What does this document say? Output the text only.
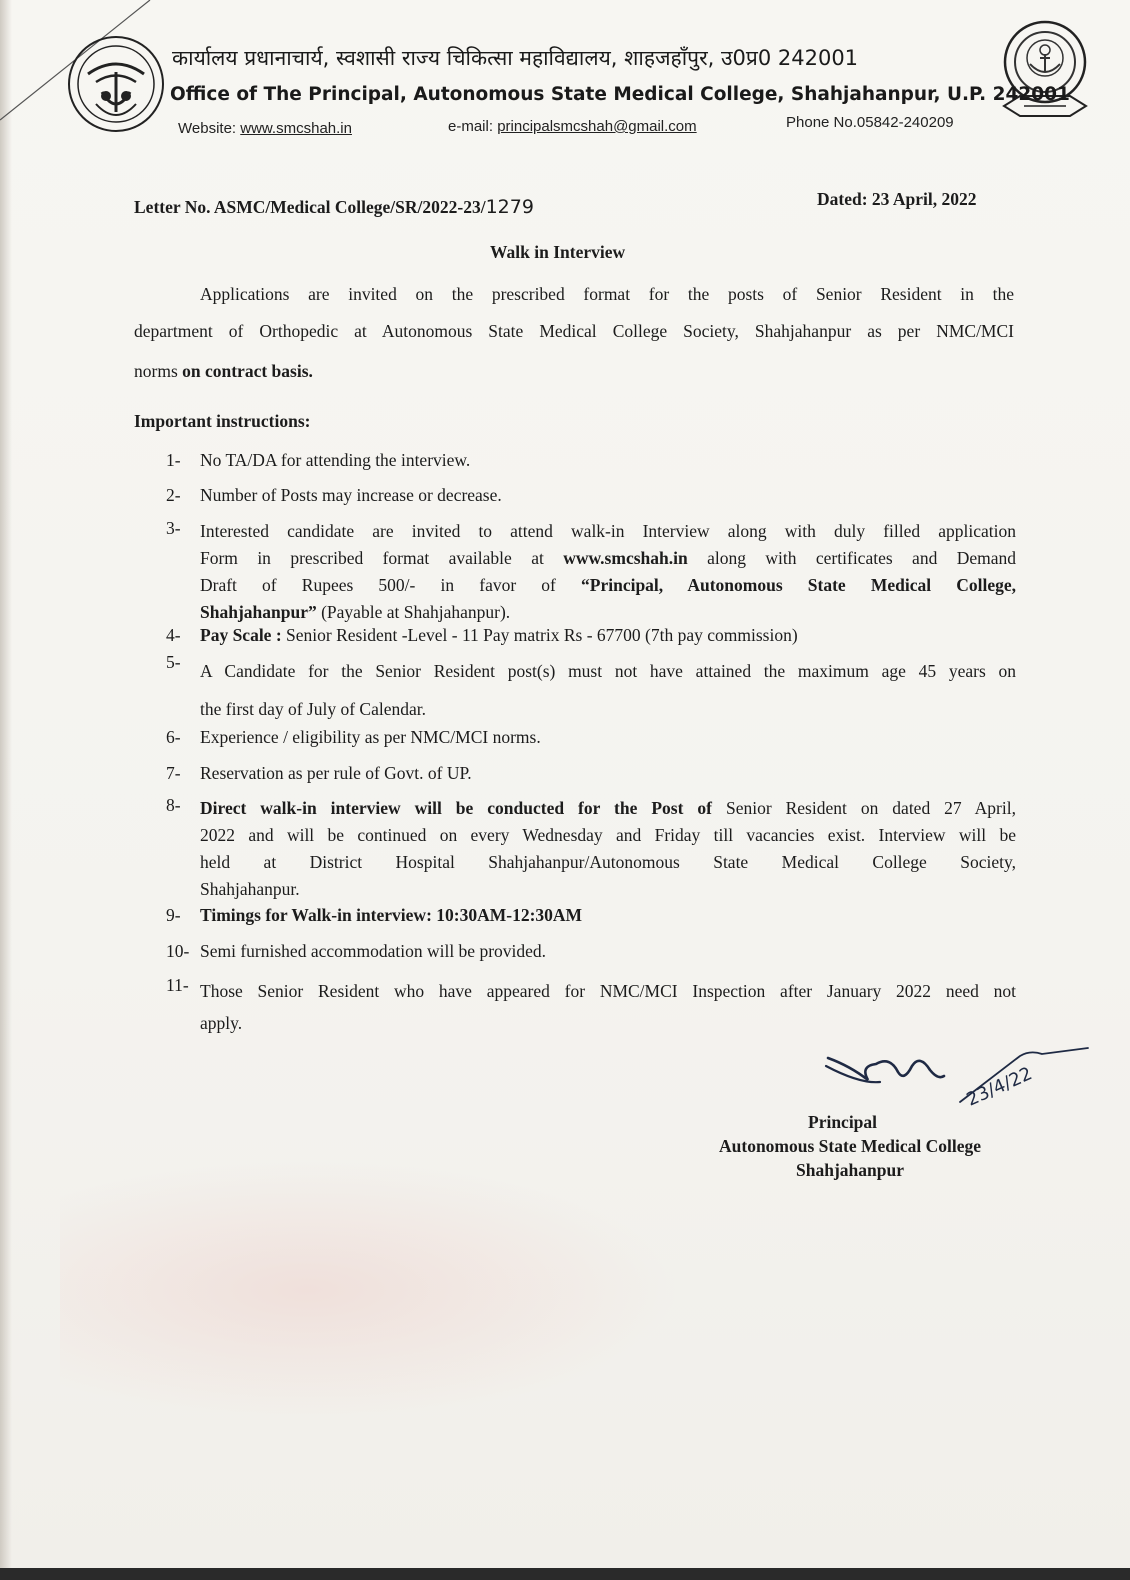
कार्यालय प्रधानाचार्य, स्वशासी राज्य चिकित्सा महाविद्यालय, शाहजहाँपुर, उ0प्र0 242001
Office of The Principal, Autonomous State Medical College, Shahjahanpur, U.P. 242001
Website: www.smcshah.in	e-mail: principalsmcshah@gmail.com	Phone No.05842-240209
Letter No. ASMC/Medical College/SR/2022-23/1279	Dated: 23 April, 2022
Walk in Interview
Applications are invited on the prescribed format for the posts of Senior Resident in the
department of Orthopedic at Autonomous State Medical College Society, Shahjahanpur as per NMC/MCI
norms on contract basis.
Important instructions:
1- No TA/DA for attending the interview.
2- Number of Posts may increase or decrease.
3- Interested candidate are invited to attend walk-in Interview along with duly filled application
Form in prescribed format available at www.smcshah.in along with certificates and Demand
Draft of Rupees 500/- in favor of “Principal, Autonomous State Medical College,
Shahjahanpur” (Payable at Shahjahanpur).
4- Pay Scale : Senior Resident -Level - 11 Pay matrix Rs - 67700 (7th pay commission)
5- A Candidate for the Senior Resident post(s) must not have attained the maximum age 45 years on
the first day of July of Calendar.
6- Experience / eligibility as per NMC/MCI norms.
7- Reservation as per rule of Govt. of UP.
8- Direct walk-in interview will be conducted for the Post of Senior Resident on dated 27 April,
2022 and will be continued on every Wednesday and Friday till vacancies exist. Interview will be
held at District Hospital Shahjahanpur/Autonomous State Medical College Society,
Shahjahanpur.
9- Timings for Walk-in interview: 10:30AM-12:30AM
10- Semi furnished accommodation will be provided.
11- Those Senior Resident who have appeared for NMC/MCI Inspection after January 2022 need not
apply.
23/4/22
Principal
Autonomous State Medical College
Shahjahanpur
